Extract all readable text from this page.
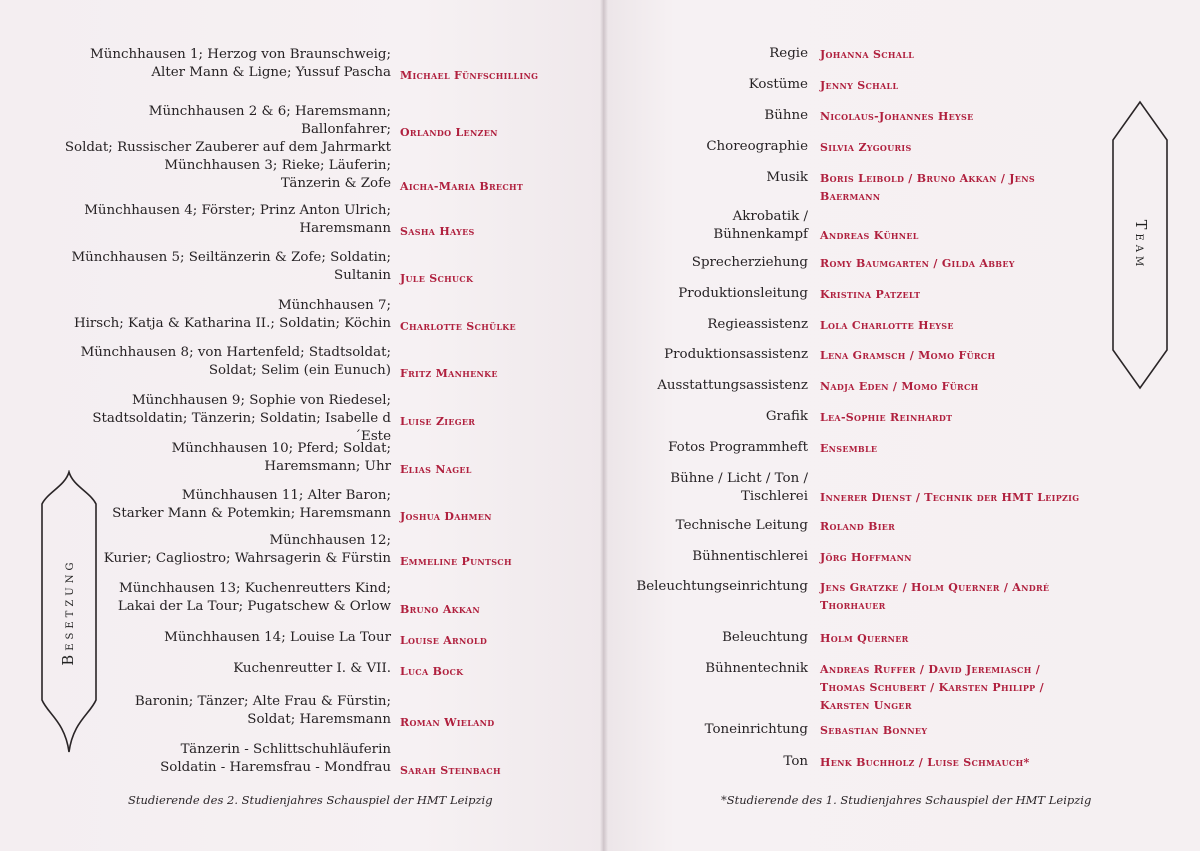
Münchhausen 1; Herzog von Braunschweig;
Alter Mann & Ligne; Yussuf Pascha Michael Fünfschilling
Münchhausen 2 & 6; Haremsmann; Ballonfahrer;
Soldat; Russischer Zauberer auf dem Jahrmarkt
Orlando Lenzen
Münchhausen 3; Rieke; Läuferin;
Tänzerin & Zofe Aicha-Maria Brecht
Münchhausen 4; Förster; Prinz Anton Ulrich;
Haremsmann Sasha Hayes
Münchhausen 5; Seiltänzerin & Zofe; Soldatin;
Sultanin Jule Schuck
Münchhausen 7;
Hirsch; Katja & Katharina II.; Soldatin; Köchin Charlotte Schülke
Münchhausen 8; von Hartenfeld; Stadtsoldat;
Soldat; Selim (ein Eunuch) Fritz Manhenke
Münchhausen 9; Sophie von Riedesel;
Stadtsoldatin; Tänzerin; Soldatin; Isabelle d´Este
Luise Zieger
Münchhausen 10; Pferd; Soldat;
Haremsmann; Uhr Elias Nagel
Münchhausen 11; Alter Baron;
Starker Mann & Potemkin; Haremsmann Joshua Dahmen
Münchhausen 12;
Kurier; Cagliostro; Wahrsagerin & Fürstin Emmeline Puntsch
Münchhausen 13; Kuchenreutters Kind;
Lakai der La Tour; Pugatschew & Orlow Bruno Akkan
Münchhausen 14; Louise La Tour Louise Arnold
Kuchenreutter I. & VII. Luca Bock
Baronin; Tänzer; Alte Frau & Fürstin;
Soldat; Haremsmann Roman Wieland
Tänzerin - Schlittschuhläuferin
Soldatin - Haremsfrau - Mondfrau Sarah Steinbach
Besetzung
Studierende des 2. Studienjahres Schauspiel der HMT Leipzig
Regie Johanna Schall
Kostüme Jenny Schall
Bühne Nicolaus-Johannes Heyse
Choreographie Silvia Zygouris
Musik Boris Leibold / Bruno Akkan / Jens
Baermann
Akrobatik /
Bühnenkampf Andreas Kühnel
Sprecherziehung Romy Baumgarten / Gilda Abbey
Produktionsleitung Kristina Patzelt
Regieassistenz Lola Charlotte Heyse
Produktionsassistenz Lena Gramsch / Momo Fürch
Ausstattungsassistenz Nadja Eden / Momo Fürch
Grafik Lea-Sophie Reinhardt
Fotos Programmheft Ensemble
Bühne / Licht / Ton /
Tischlerei Innerer Dienst / Technik der HMT Leipzig
Technische Leitung Roland Bier
Bühnentischlerei Jörg Hoffmann
Beleuchtungseinrichtung Jens Gratzke / Holm Querner / André
Thorhauer
Beleuchtung Holm Querner
Bühnentechnik Andreas Ruffer / David Jeremiasch /
Thomas Schubert / Karsten Philipp /
Karsten Unger
Toneinrichtung Sebastian Bonney
Ton Henk Buchholz / Luise Schmauch*
Team
*Studierende des 1. Studienjahres Schauspiel der HMT Leipzig
